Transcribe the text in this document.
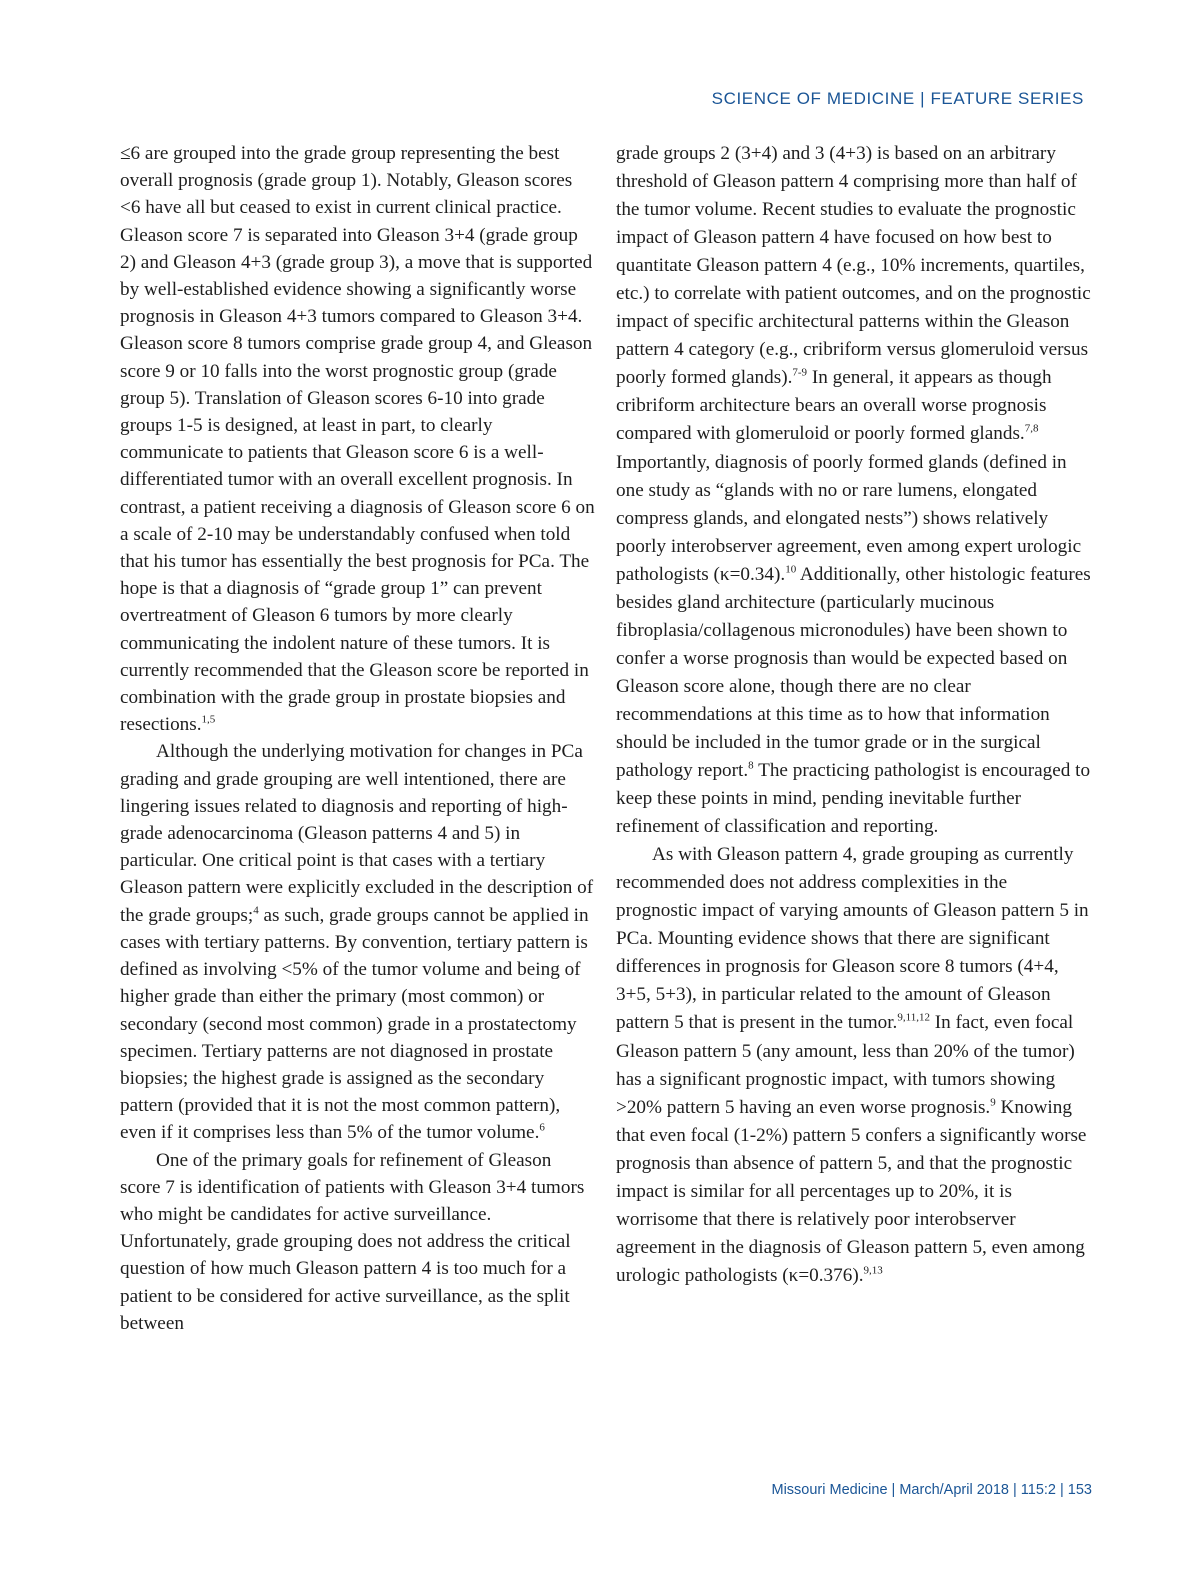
SCIENCE OF MEDICINE | FEATURE SERIES

≤6 are grouped into the grade group representing the best overall prognosis (grade group 1). Notably, Gleason scores <6 have all but ceased to exist in current clinical practice. Gleason score 7 is separated into Gleason 3+4 (grade group 2) and Gleason 4+3 (grade group 3), a move that is supported by well-established evidence showing a significantly worse prognosis in Gleason 4+3 tumors compared to Gleason 3+4. Gleason score 8 tumors comprise grade group 4, and Gleason score 9 or 10 falls into the worst prognostic group (grade group 5). Translation of Gleason scores 6-10 into grade groups 1-5 is designed, at least in part, to clearly communicate to patients that Gleason score 6 is a well-differentiated tumor with an overall excellent prognosis. In contrast, a patient receiving a diagnosis of Gleason score 6 on a scale of 2-10 may be understandably confused when told that his tumor has essentially the best prognosis for PCa. The hope is that a diagnosis of “grade group 1” can prevent overtreatment of Gleason 6 tumors by more clearly communicating the indolent nature of these tumors. It is currently recommended that the Gleason score be reported in combination with the grade group in prostate biopsies and resections.$^{1,5}$

Although the underlying motivation for changes in PCa grading and grade grouping are well intentioned, there are lingering issues related to diagnosis and reporting of high-grade adenocarcinoma (Gleason patterns 4 and 5) in particular. One critical point is that cases with a tertiary Gleason pattern were explicitly excluded in the description of the grade groups;$^4$ as such, grade groups cannot be applied in cases with tertiary patterns. By convention, tertiary pattern is defined as involving <5% of the tumor volume and being of higher grade than either the primary (most common) or secondary (second most common) grade in a prostatectomy specimen. Tertiary patterns are not diagnosed in prostate biopsies; the highest grade is assigned as the secondary pattern (provided that it is not the most common pattern), even if it comprises less than 5% of the tumor volume.$^6$

One of the primary goals for refinement of Gleason score 7 is identification of patients with Gleason 3+4 tumors who might be candidates for active surveillance. Unfortunately, grade grouping does not address the critical question of how much Gleason pattern 4 is too much for a patient to be considered for active surveillance, as the split between

grade groups 2 (3+4) and 3 (4+3) is based on an arbitrary threshold of Gleason pattern 4 comprising more than half of the tumor volume. Recent studies to evaluate the prognostic impact of Gleason pattern 4 have focused on how best to quantitate Gleason pattern 4 (e.g., 10% increments, quartiles, etc.) to correlate with patient outcomes, and on the prognostic impact of specific architectural patterns within the Gleason pattern 4 category (e.g., cribriform versus glomeruloid versus poorly formed glands).$^{7-9}$ In general, it appears as though cribriform architecture bears an overall worse prognosis compared with glomeruloid or poorly formed glands.$^{7,8}$ Importantly, diagnosis of poorly formed glands (defined in one study as “glands with no or rare lumens, elongated compress glands, and elongated nests”) shows relatively poorly interobserver agreement, even among expert urologic pathologists (κ=0.34).$^{10}$ Additionally, other histologic features besides gland architecture (particularly mucinous fibroplasia/collagenous micronodules) have been shown to confer a worse prognosis than would be expected based on Gleason score alone, though there are no clear recommendations at this time as to how that information should be included in the tumor grade or in the surgical pathology report.$^8$ The practicing pathologist is encouraged to keep these points in mind, pending inevitable further refinement of classification and reporting.

As with Gleason pattern 4, grade grouping as currently recommended does not address complexities in the prognostic impact of varying amounts of Gleason pattern 5 in PCa. Mounting evidence shows that there are significant differences in prognosis for Gleason score 8 tumors (4+4, 3+5, 5+3), in particular related to the amount of Gleason pattern 5 that is present in the tumor.$^{9,11,12}$ In fact, even focal Gleason pattern 5 (any amount, less than 20% of the tumor) has a significant prognostic impact, with tumors showing >20% pattern 5 having an even worse prognosis.$^9$ Knowing that even focal (1-2%) pattern 5 confers a significantly worse prognosis than absence of pattern 5, and that the prognostic impact is similar for all percentages up to 20%, it is worrisome that there is relatively poor interobserver agreement in the diagnosis of Gleason pattern 5, even among urologic pathologists (κ=0.376).$^{9,13}$

Missouri Medicine | March/April 2018 | 115:2 | 153
